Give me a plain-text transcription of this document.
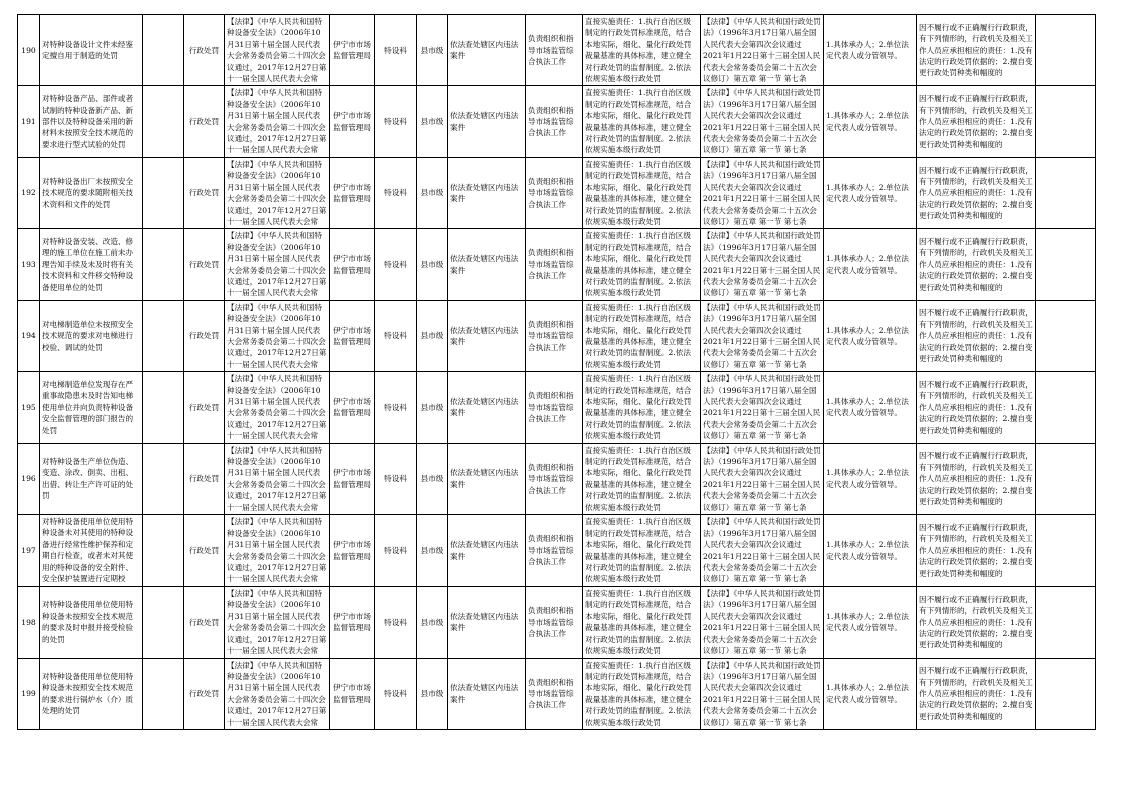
190	对特种设备设计文件未经鉴定擅自用于制造的处罚		行政处罚	【法律】《中华人民共和国特种设备安全法》（2006年10月31日第十届全国人民代表大会常务委员会第二十四次会议通过，2017年12月27日第十一届全国人民代表大会常	伊宁市市场监督管理局	特设科	县市级	依法查处辖区内违法案件	负责组织和指导市场监管综合执法工作	直接实施责任：1.执行自治区级制定的行政处罚标准规范，结合本地实际，细化、量化行政处罚裁量基准的具体标准，建立健全对行政处罚的监督制度。2.依法依规实施本级行政处罚	【法律】《中华人民共和国行政处罚法》（1996年3月17日第八届全国人民代表大会第四次会议通过 2021年1月22日第十三届全国人民代表大会常务委员会第二十五次会议修订）第五章 第一节 第七条	1.具体承办人；2.单位法定代表人或分管领导。	因不履行或不正确履行行政职责，有下列情形的，行政机关及相关工作人员应承担相应的责任：1.没有法定的行政处罚依据的；2.擅自变更行政处罚种类和幅度的	

191	对特种设备产品、部件或者试制的特种设备新产品、新部件以及特种设备采用的新材料未按照安全技术规范的要求进行型式试验的处罚		行政处罚	【法律】《中华人民共和国特种设备安全法》（2006年10月31日第十届全国人民代表大会常务委员会第二十四次会议通过，2017年12月27日第十一届全国人民代表大会常	伊宁市市场监督管理局	特设科	县市级	依法查处辖区内违法案件	负责组织和指导市场监管综合执法工作	直接实施责任：1.执行自治区级制定的行政处罚标准规范，结合本地实际，细化、量化行政处罚裁量基准的具体标准，建立健全对行政处罚的监督制度。2.依法依规实施本级行政处罚	【法律】《中华人民共和国行政处罚法》（1996年3月17日第八届全国人民代表大会第四次会议通过 2021年1月22日第十三届全国人民代表大会常务委员会第二十五次会议修订）第五章 第一节 第七条	1.具体承办人；2.单位法定代表人或分管领导。	因不履行或不正确履行行政职责，有下列情形的，行政机关及相关工作人员应承担相应的责任：1.没有法定的行政处罚依据的；2.擅自变更行政处罚种类和幅度的	

192	对特种设备出厂未按照安全技术规范的要求随附相关技术资料和文件的处罚		行政处罚	【法律】《中华人民共和国特种设备安全法》（2006年10月31日第十届全国人民代表大会常务委员会第二十四次会议通过，2017年12月27日第十一届全国人民代表大会常	伊宁市市场监督管理局	特设科	县市级	依法查处辖区内违法案件	负责组织和指导市场监管综合执法工作	直接实施责任：1.执行自治区级制定的行政处罚标准规范，结合本地实际，细化、量化行政处罚裁量基准的具体标准，建立健全对行政处罚的监督制度。2.依法依规实施本级行政处罚	【法律】《中华人民共和国行政处罚法》（1996年3月17日第八届全国人民代表大会第四次会议通过 2021年1月22日第十三届全国人民代表大会常务委员会第二十五次会议修订）第五章 第一节 第七条	1.具体承办人；2.单位法定代表人或分管领导。	因不履行或不正确履行行政职责，有下列情形的，行政机关及相关工作人员应承担相应的责任：1.没有法定的行政处罚依据的；2.擅自变更行政处罚种类和幅度的	

193	对特种设备安装、改造、修理的施工单位在施工前未办理告知手续及未及时将有关技术资料和文件移交特种设备使用单位的处罚		行政处罚	【法律】《中华人民共和国特种设备安全法》（2006年10月31日第十届全国人民代表大会常务委员会第二十四次会议通过，2017年12月27日第十一届全国人民代表大会常	伊宁市市场监督管理局	特设科	县市级	依法查处辖区内违法案件	负责组织和指导市场监管综合执法工作	直接实施责任：1.执行自治区级制定的行政处罚标准规范，结合本地实际，细化、量化行政处罚裁量基准的具体标准，建立健全对行政处罚的监督制度。2.依法依规实施本级行政处罚	【法律】《中华人民共和国行政处罚法》（1996年3月17日第八届全国人民代表大会第四次会议通过 2021年1月22日第十三届全国人民代表大会常务委员会第二十五次会议修订）第五章 第一节 第七条	1.具体承办人；2.单位法定代表人或分管领导。	因不履行或不正确履行行政职责，有下列情形的，行政机关及相关工作人员应承担相应的责任：1.没有法定的行政处罚依据的；2.擅自变更行政处罚种类和幅度的	

194	对电梯制造单位未按照安全技术规范的要求对电梯进行校验、调试的处罚		行政处罚	【法律】《中华人民共和国特种设备安全法》（2006年10月31日第十届全国人民代表大会常务委员会第二十四次会议通过，2017年12月27日第十一届全国人民代表大会常	伊宁市市场监督管理局	特设科	县市级	依法查处辖区内违法案件	负责组织和指导市场监管综合执法工作	直接实施责任：1.执行自治区级制定的行政处罚标准规范，结合本地实际，细化、量化行政处罚裁量基准的具体标准，建立健全对行政处罚的监督制度。2.依法依规实施本级行政处罚	【法律】《中华人民共和国行政处罚法》（1996年3月17日第八届全国人民代表大会第四次会议通过 2021年1月22日第十三届全国人民代表大会常务委员会第二十五次会议修订）第五章 第一节 第七条	1.具体承办人；2.单位法定代表人或分管领导。	因不履行或不正确履行行政职责，有下列情形的，行政机关及相关工作人员应承担相应的责任：1.没有法定的行政处罚依据的；2.擅自变更行政处罚种类和幅度的	

195	对电梯制造单位发现存在严重事故隐患未及时告知电梯使用单位并向负责特种设备安全监督管理的部门报告的处罚		行政处罚	【法律】《中华人民共和国特种设备安全法》（2006年10月31日第十届全国人民代表大会常务委员会第二十四次会议通过，2017年12月27日第十一届全国人民代表大会常	伊宁市市场监督管理局	特设科	县市级	依法查处辖区内违法案件	负责组织和指导市场监管综合执法工作	直接实施责任：1.执行自治区级制定的行政处罚标准规范，结合本地实际，细化、量化行政处罚裁量基准的具体标准，建立健全对行政处罚的监督制度。2.依法依规实施本级行政处罚	【法律】《中华人民共和国行政处罚法》（1996年3月17日第八届全国人民代表大会第四次会议通过 2021年1月22日第十三届全国人民代表大会常务委员会第二十五次会议修订）第五章 第一节 第七条	1.具体承办人；2.单位法定代表人或分管领导。	因不履行或不正确履行行政职责，有下列情形的，行政机关及相关工作人员应承担相应的责任：1.没有法定的行政处罚依据的；2.擅自变更行政处罚种类和幅度的	

196	对特种设备生产单位伪造、变造、涂改、倒卖、出租、出借、转让生产许可证的处罚		行政处罚	【法律】《中华人民共和国特种设备安全法》（2006年10月31日第十届全国人民代表大会常务委员会第二十四次会议通过，2017年12月27日第十一届全国人民代表大会常	伊宁市市场监督管理局	特设科	县市级	依法查处辖区内违法案件	负责组织和指导市场监管综合执法工作	直接实施责任：1.执行自治区级制定的行政处罚标准规范，结合本地实际，细化、量化行政处罚裁量基准的具体标准，建立健全对行政处罚的监督制度。2.依法依规实施本级行政处罚	【法律】《中华人民共和国行政处罚法》（1996年3月17日第八届全国人民代表大会第四次会议通过 2021年1月22日第十三届全国人民代表大会常务委员会第二十五次会议修订）第五章 第一节 第七条	1.具体承办人；2.单位法定代表人或分管领导。	因不履行或不正确履行行政职责，有下列情形的，行政机关及相关工作人员应承担相应的责任：1.没有法定的行政处罚依据的；2.擅自变更行政处罚种类和幅度的	

197	对特种设备使用单位使用特种设备未对其使用的特种设备进行经常性维护保养和定期自行检查，或者未对其使用的特种设备的安全附件、安全保护装置进行定期校		行政处罚	【法律】《中华人民共和国特种设备安全法》（2006年10月31日第十届全国人民代表大会常务委员会第二十四次会议通过，2017年12月27日第十一届全国人民代表大会常	伊宁市市场监督管理局	特设科	县市级	依法查处辖区内违法案件	负责组织和指导市场监管综合执法工作	直接实施责任：1.执行自治区级制定的行政处罚标准规范，结合本地实际，细化、量化行政处罚裁量基准的具体标准，建立健全对行政处罚的监督制度。2.依法依规实施本级行政处罚	【法律】《中华人民共和国行政处罚法》（1996年3月17日第八届全国人民代表大会第四次会议通过 2021年1月22日第十三届全国人民代表大会常务委员会第二十五次会议修订）第五章 第一节 第七条	1.具体承办人；2.单位法定代表人或分管领导。	因不履行或不正确履行行政职责，有下列情形的，行政机关及相关工作人员应承担相应的责任：1.没有法定的行政处罚依据的；2.擅自变更行政处罚种类和幅度的	

198	对特种设备使用单位使用特种设备未按照安全技术规范的要求及时申报并接受检验的处罚		行政处罚	【法律】《中华人民共和国特种设备安全法》（2006年10月31日第十届全国人民代表大会常务委员会第二十四次会议通过，2017年12月27日第十一届全国人民代表大会常	伊宁市市场监督管理局	特设科	县市级	依法查处辖区内违法案件	负责组织和指导市场监管综合执法工作	直接实施责任：1.执行自治区级制定的行政处罚标准规范，结合本地实际，细化、量化行政处罚裁量基准的具体标准，建立健全对行政处罚的监督制度。2.依法依规实施本级行政处罚	【法律】《中华人民共和国行政处罚法》（1996年3月17日第八届全国人民代表大会第四次会议通过 2021年1月22日第十三届全国人民代表大会常务委员会第二十五次会议修订）第五章 第一节 第七条	1.具体承办人；2.单位法定代表人或分管领导。	因不履行或不正确履行行政职责，有下列情形的，行政机关及相关工作人员应承担相应的责任：1.没有法定的行政处罚依据的；2.擅自变更行政处罚种类和幅度的	

199	对特种设备使用单位使用特种设备未按照安全技术规范的要求进行锅炉水（介）质处理的处罚		行政处罚	【法律】《中华人民共和国特种设备安全法》（2006年10月31日第十届全国人民代表大会常务委员会第二十四次会议通过，2017年12月27日第十一届全国人民代表大会常	伊宁市市场监督管理局	特设科	县市级	依法查处辖区内违法案件	负责组织和指导市场监管综合执法工作	直接实施责任：1.执行自治区级制定的行政处罚标准规范，结合本地实际，细化、量化行政处罚裁量基准的具体标准，建立健全对行政处罚的监督制度。2.依法依规实施本级行政处罚	【法律】《中华人民共和国行政处罚法》（1996年3月17日第八届全国人民代表大会第四次会议通过 2021年1月22日第十三届全国人民代表大会常务委员会第二十五次会议修订）第五章 第一节 第七条	1.具体承办人；2.单位法定代表人或分管领导。	因不履行或不正确履行行政职责，有下列情形的，行政机关及相关工作人员应承担相应的责任：1.没有法定的行政处罚依据的；2.擅自变更行政处罚种类和幅度的	
